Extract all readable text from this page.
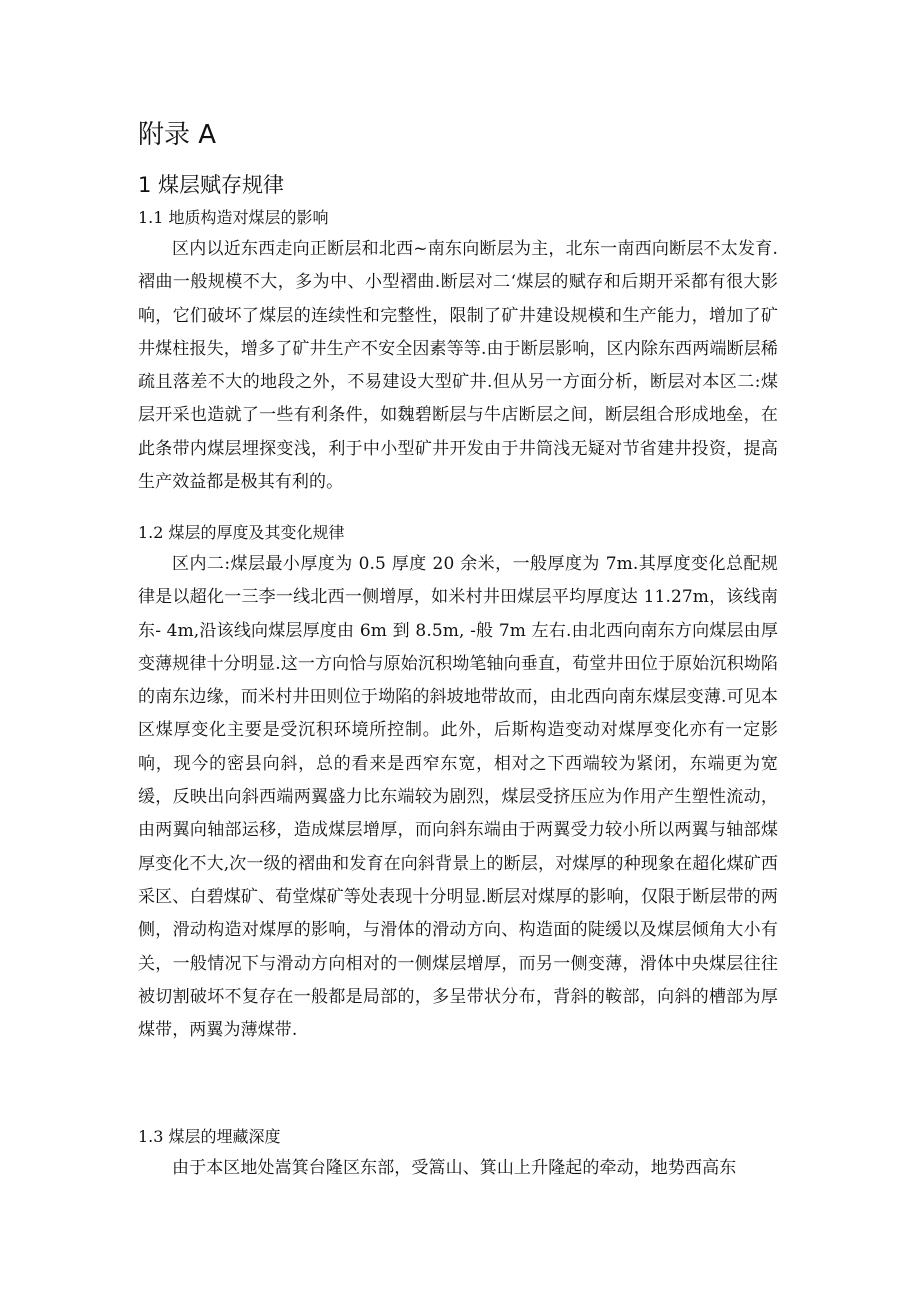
附录 A
1 煤层赋存规律
1.1 地质构造对煤层的影响

区内以近东西走向正断层和北西~南东向断层为主，北东一南西向断层不太发育.褶曲一般规模不大，多为中、小型褶曲.断层对二‘煤层的赋存和后期开采都有很大影响，它们破坏了煤层的连续性和完整性，限制了矿井建设规模和生产能力，增加了矿井煤柱报失，增多了矿井生产不安全因素等等.由于断层影响，区内除东西两端断层稀疏且落差不大的地段之外，不易建设大型矿井.但从另一方面分析，断层对本区二:煤层开采也造就了一些有利条件，如魏碧断层与牛店断层之间，断层组合形成地垒，在此条带内煤层埋探变浅，利于中小型矿井开发由于井筒浅无疑对节省建井投资，提高生产效益都是极其有利的。

1.2 煤层的厚度及其变化规律

区内二:煤层最小厚度为 0.5 厚度 20 余米，一般厚度为 7m.其厚度变化总配规律是以超化一三李一线北西一侧增厚，如米村井田煤层平均厚度达 11.27m，该线南东- 4m,沿该线向煤层厚度由 6m 到 8.5m, -般 7m 左右.由北西向南东方向煤层由厚变薄规律十分明显.这一方向恰与原始沉积坳笔轴向垂直，荀堂井田位于原始沉积坳陷的南东边缘，而米村井田则位于坳陷的斜坡地带故而，由北西向南东煤层变薄.可见本区煤厚变化主要是受沉积环境所控制。此外，后斯构造变动对煤厚变化亦有一定影响，现今的密县向斜，总的看来是西窄东宽，相对之下西端较为紧闭，东端更为宽缓，反映出向斜西端两翼盛力比东端较为剧烈，煤层受挤压应为作用产生塑性流动，由两翼向轴部运移，造成煤层增厚，而向斜东端由于两翼受力较小所以两翼与轴部煤厚变化不大,次一级的褶曲和发育在向斜背景上的断层，对煤厚的种现象在超化煤矿西采区、白碧煤矿、荀堂煤矿等处表现十分明显.断层对煤厚的影响，仅限于断层带的两侧，滑动构造对煤厚的影响，与滑体的滑动方向、构造面的陡缓以及煤层倾角大小有关，一般情况下与滑动方向相对的一侧煤层增厚，而另一侧变薄，滑体中央煤层往往被切割破坏不复存在一般都是局部的，多呈带状分布，背斜的鞍部，向斜的槽部为厚煤带，两翼为薄煤带.

1.3 煤层的埋藏深度

由于本区地处嵩箕台隆区东部，受篙山、箕山上升隆起的牵动，地势西高东
